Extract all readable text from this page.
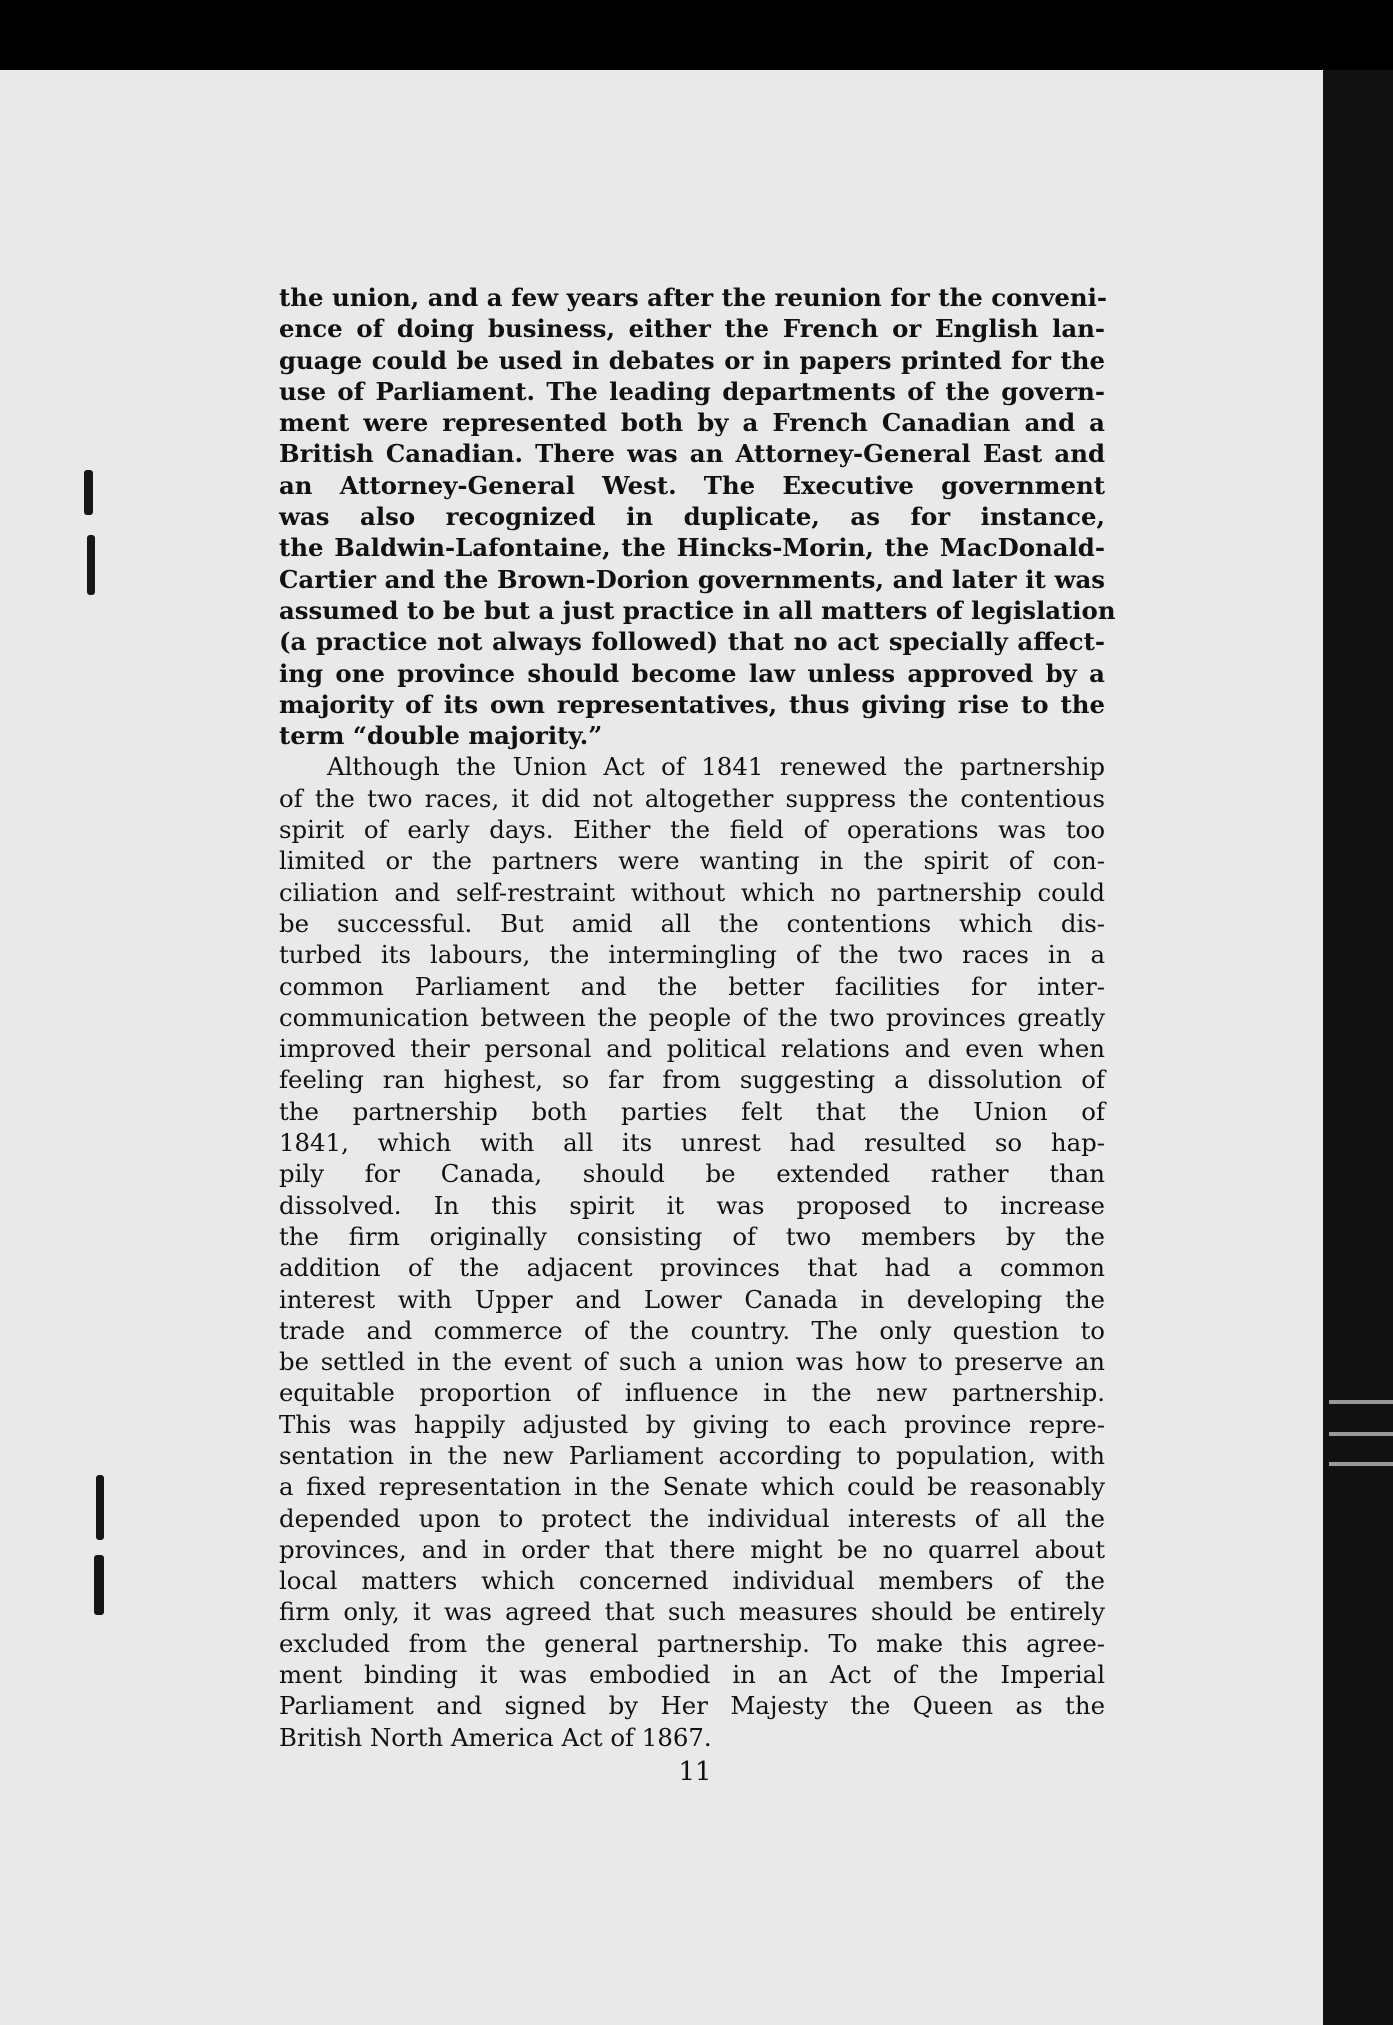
the union, and a few years after the reunion for the conveni-
ence of doing business, either the French or English lan-
guage could be used in debates or in papers printed for the
use of Parliament. The leading departments of the govern-
ment were represented both by a French Canadian and a
British Canadian. There was an Attorney-General East and
an Attorney-General West. The Executive government
was also recognized in duplicate, as for instance,
the Baldwin-Lafontaine, the Hincks-Morin, the MacDonald-
Cartier and the Brown-Dorion governments, and later it was
assumed to be but a just practice in all matters of legislation
(a practice not always followed) that no act specially affect-
ing one province should become law unless approved by a
majority of its own representatives, thus giving rise to the
term “double majority.”
Although the Union Act of 1841 renewed the partnership
of the two races, it did not altogether suppress the contentious
spirit of early days. Either the field of operations was too
limited or the partners were wanting in the spirit of con-
ciliation and self-restraint without which no partnership could
be successful. But amid all the contentions which dis-
turbed its labours, the intermingling of the two races in a
common Parliament and the better facilities for inter-
communication between the people of the two provinces greatly
improved their personal and political relations and even when
feeling ran highest, so far from suggesting a dissolution of
the partnership both parties felt that the Union of
1841, which with all its unrest had resulted so hap-
pily for Canada, should be extended rather than
dissolved. In this spirit it was proposed to increase
the firm originally consisting of two members by the
addition of the adjacent provinces that had a common
interest with Upper and Lower Canada in developing the
trade and commerce of the country. The only question to
be settled in the event of such a union was how to preserve an
equitable proportion of influence in the new partnership.
This was happily adjusted by giving to each province repre-
sentation in the new Parliament according to population, with
a fixed representation in the Senate which could be reasonably
depended upon to protect the individual interests of all the
provinces, and in order that there might be no quarrel about
local matters which concerned individual members of the
firm only, it was agreed that such measures should be entirely
excluded from the general partnership. To make this agree-
ment binding it was embodied in an Act of the Imperial
Parliament and signed by Her Majesty the Queen as the
British North America Act of 1867.
11
